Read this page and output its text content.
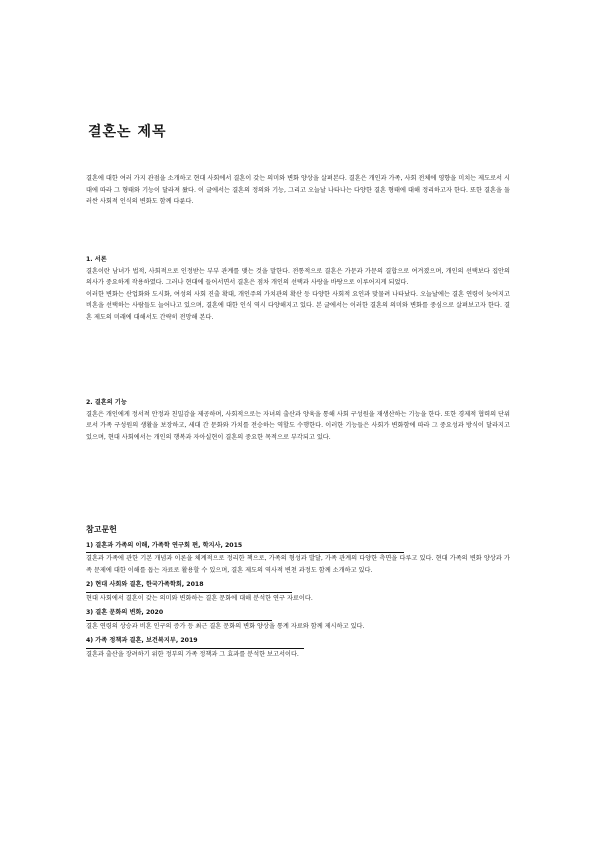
결혼논 제목

결혼에 대한 여러 가지 관점을 소개하고 현대 사회에서 결혼이 갖는 의미와 변화 양상을 살펴본다. 결혼은 개인과 가족, 사회 전체에 영향을 미치는 제도로서 시대에 따라 그 형태와 기능이 달라져 왔다. 이 글에서는 결혼의 정의와 기능, 그리고 오늘날 나타나는 다양한 결혼 형태에 대해 정리하고자 한다. 또한 결혼을 둘러싼 사회적 인식의 변화도 함께 다룬다.

1. 서론

결혼이란 남녀가 법적, 사회적으로 인정받는 부부 관계를 맺는 것을 말한다. 전통적으로 결혼은 가문과 가문의 결합으로 여겨졌으며, 개인의 선택보다 집안의 의사가 중요하게 작용하였다. 그러나 현대에 들어서면서 결혼은 점차 개인의 선택과 사랑을 바탕으로 이루어지게 되었다.

이러한 변화는 산업화와 도시화, 여성의 사회 진출 확대, 개인주의 가치관의 확산 등 다양한 사회적 요인과 맞물려 나타났다. 오늘날에는 결혼 연령이 늦어지고 비혼을 선택하는 사람들도 늘어나고 있으며, 결혼에 대한 인식 역시 다양해지고 있다. 본 글에서는 이러한 결혼의 의미와 변화를 중심으로 살펴보고자 한다. 결혼 제도의 미래에 대해서도 간략히 전망해 본다.

2. 결혼의 기능

결혼은 개인에게 정서적 안정과 친밀감을 제공하며, 사회적으로는 자녀의 출산과 양육을 통해 사회 구성원을 재생산하는 기능을 한다. 또한 경제적 협력의 단위로서 가족 구성원의 생활을 보장하고, 세대 간 문화와 가치를 전승하는 역할도 수행한다. 이러한 기능들은 사회가 변화함에 따라 그 중요성과 방식이 달라지고 있으며, 현대 사회에서는 개인의 행복과 자아실현이 결혼의 중요한 목적으로 부각되고 있다.

참고문헌
1) 결혼과 가족의 이해, 가족학 연구회 편, 학지사, 2015

결혼과 가족에 관한 기본 개념과 이론을 체계적으로 정리한 책으로, 가족의 형성과 발달, 가족 관계의 다양한 측면을 다루고 있다. 현대 가족의 변화 양상과 가족 문제에 대한 이해를 돕는 자료로 활용할 수 있으며, 결혼 제도의 역사적 변천 과정도 함께 소개하고 있다.

2) 현대 사회와 결혼, 한국가족학회, 2018

현대 사회에서 결혼이 갖는 의미와 변화하는 결혼 문화에 대해 분석한 연구 자료이다.

3) 결혼 문화의 변화, 2020

결혼 연령의 상승과 비혼 인구의 증가 등 최근 결혼 문화의 변화 양상을 통계 자료와 함께 제시하고 있다.

4) 가족 정책과 결혼, 보건복지부, 2019

결혼과 출산을 장려하기 위한 정부의 가족 정책과 그 효과를 분석한 보고서이다.
